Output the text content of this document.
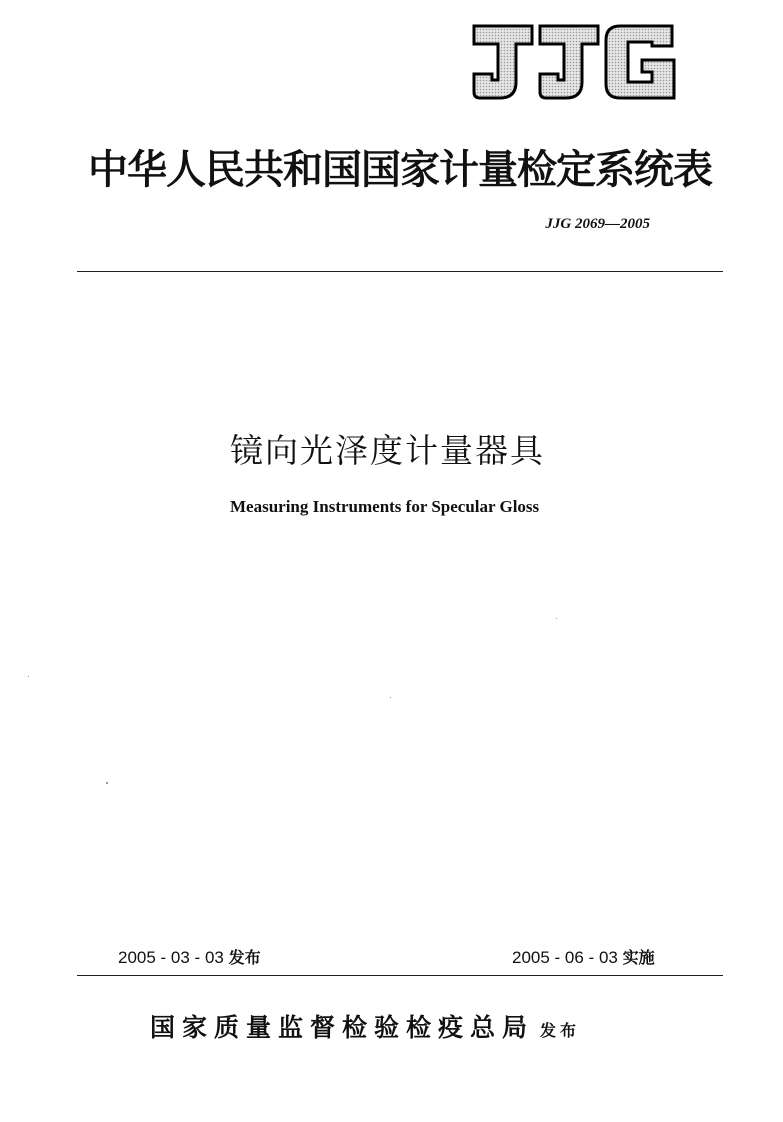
中华人民共和国国家计量检定系统表
JJG 2069—2005
镜向光泽度计量器具
Measuring Instruments for Specular Gloss
2005 - 03 - 03 发布	2005 - 06 - 03 实施
国家质量监督检验检疫总局 发布
